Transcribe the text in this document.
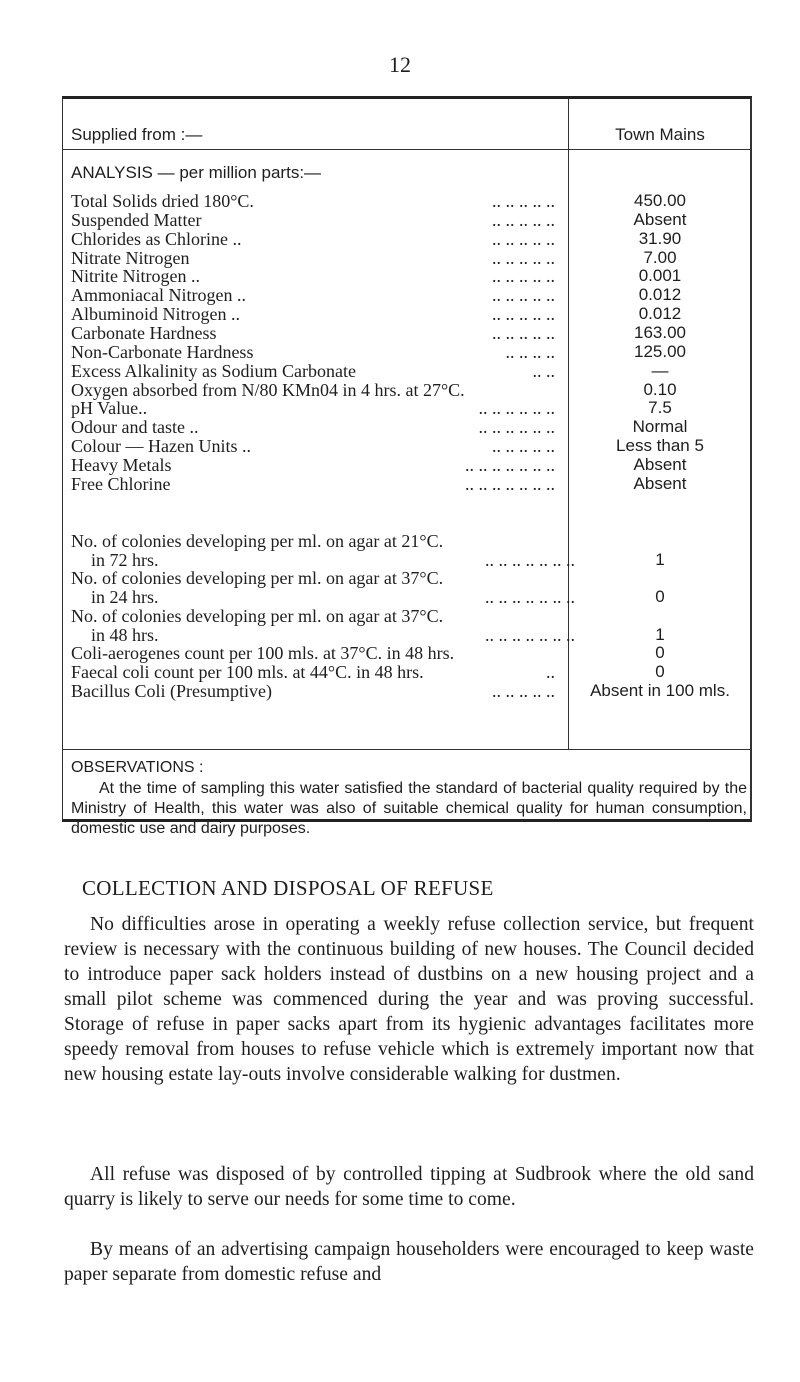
12
Supplied from :—	Town Mains
ANALYSIS — per million parts:—
Total Solids dried 180°C.	.. .. .. .. ..	450.00
Suspended Matter	.. .. .. .. ..	Absent
Chlorides as Chlorine ..	.. .. .. .. ..	31.90
Nitrate Nitrogen	.. .. .. .. ..	7.00
Nitrite Nitrogen ..	.. .. .. .. ..	0.001
Ammoniacal Nitrogen ..	.. .. .. .. ..	0.012
Albuminoid Nitrogen ..	.. .. .. .. ..	0.012
Carbonate Hardness	.. .. .. .. ..	163.00
Non-Carbonate Hardness	.. .. .. ..	125.00
Excess Alkalinity as Sodium Carbonate	.. ..	—
Oxygen absorbed from N/80 KMn04 in 4 hrs. at 27°C.	0.10
pH Value..	.. .. .. .. .. ..	7.5
Odour and taste ..	.. .. .. .. .. ..	Normal
Colour — Hazen Units ..	.. .. .. .. ..	Less than 5
Heavy Metals	.. .. .. .. .. .. ..	Absent
Free Chlorine	.. .. .. .. .. .. ..	Absent
No. of colonies developing per ml. on agar at 21°C.
in 72 hrs.	.. .. .. .. .. .. ..	1
No. of colonies developing per ml. on agar at 37°C.
in 24 hrs.	.. .. .. .. .. .. ..	0
No. of colonies developing per ml. on agar at 37°C.
in 48 hrs.	.. .. .. .. .. .. ..	1
Coli-aerogenes count per 100 mls. at 37°C. in 48 hrs.	0
Faecal coli count per 100 mls. at 44°C. in 48 hrs.	..	0
Bacillus Coli (Presumptive)	.. .. .. .. ..	Absent in 100 mls.
OBSERVATIONS :
At the time of sampling this water satisfied the standard of bacterial quality required by the Ministry of Health, this water was also of suitable chemical quality for human consumption, domestic use and dairy purposes.
COLLECTION AND DISPOSAL OF REFUSE

No difficulties arose in operating a weekly refuse collection service, but frequent review is necessary with the continuous building of new houses. The Council decided to introduce paper sack holders instead of dustbins on a new housing project and a small pilot scheme was commenced during the year and was proving successful. Storage of refuse in paper sacks apart from its hygienic advantages facilitates more speedy removal from houses to refuse vehicle which is extremely important now that new housing estate lay-outs involve considerable walking for dustmen.

All refuse was disposed of by controlled tipping at Sudbrook where the old sand quarry is likely to serve our needs for some time to come.

By means of an advertising campaign householders were encouraged to keep waste paper separate from domestic refuse and
